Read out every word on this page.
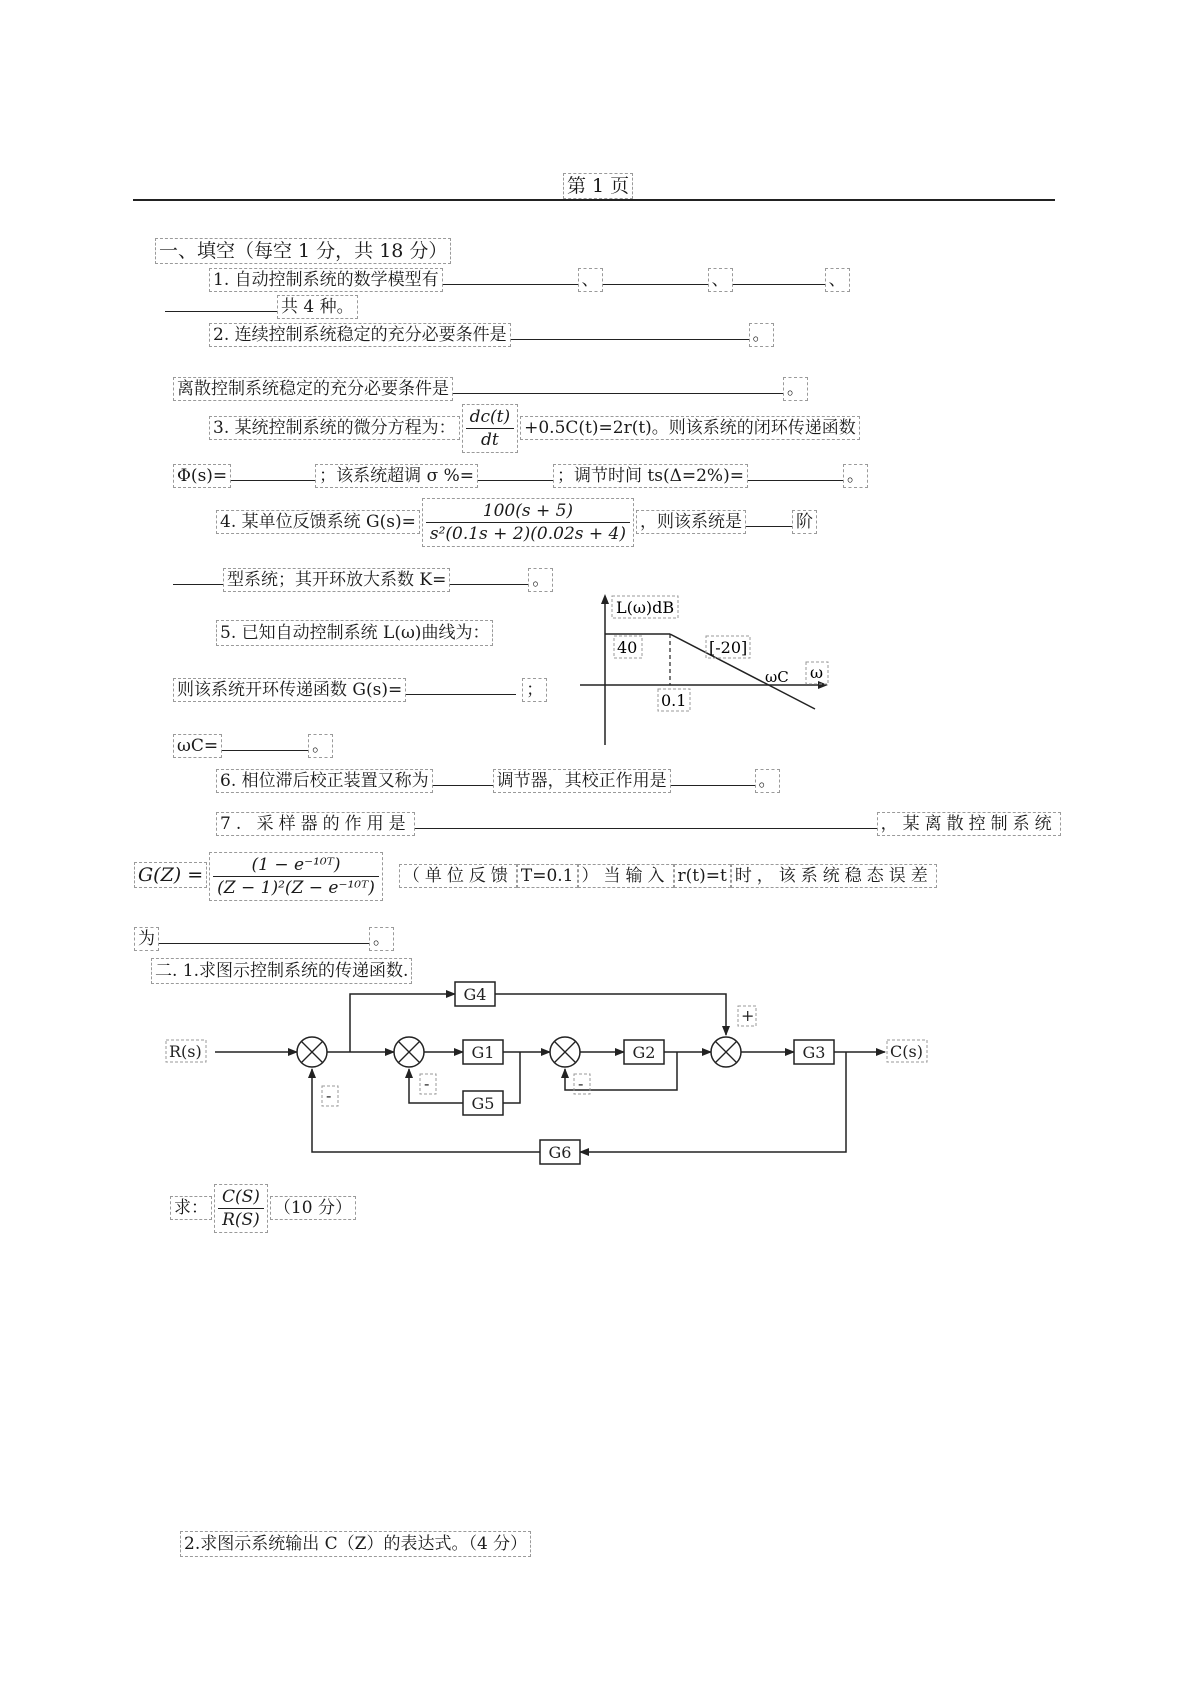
第 1 页
一、填空（每空 1 分，共 18 分）
1. 自动控制系统的数学模型有	、	、	、
共 4 种。
2. 连续控制系统稳定的充分必要条件是	。
离散控制系统稳定的充分必要条件是	。
3. 某统控制系统的微分方程为： $\frac{dc(t)}{dt} +0.5C(t)=2r(t)$。则该系统的闭环传递函数
Φ(s)=	；该系统超调 σ %=	；调节时间 ts(Δ=2%)=	。
4. 某单位反馈系统 $G(s)= \frac{100(s + 5)}{\text{s²(0.1s + 2)(0.02s + 4)}}$ ，则该系统是	阶
型系统；其开环放大系数 K=	。
5. 已知自动控制系统 L(ω)曲线为：
则该系统开环传递函数 G(s)=	；
ωC=	。
L(ω)dB
40	[-20]
0.1
ωC ω
6. 相位滞后校正装置又称为	调节器，其校正作用是	。
7. 采样器的作用是	，某离散控制系统
$G(Z) = \frac{\text{(1 − e⁻¹⁰ᵀ)}}{\text{(Z − 1)²(Z − e⁻¹⁰ᵀ)}}$ （单位反馈 T=0.1 ）当输入 r(t)=t 时，该系统稳态误差
为	。
二. 1.求图示控制系统的传递函数.
G1	G2	G3
G4
G5
G6
R(s)	C(s)
+
-	-
-
求： $\frac{C(S)}{R(S)} (10$ 分）
2.求图示系统输出 C（Z）的表达式。（4 分）
